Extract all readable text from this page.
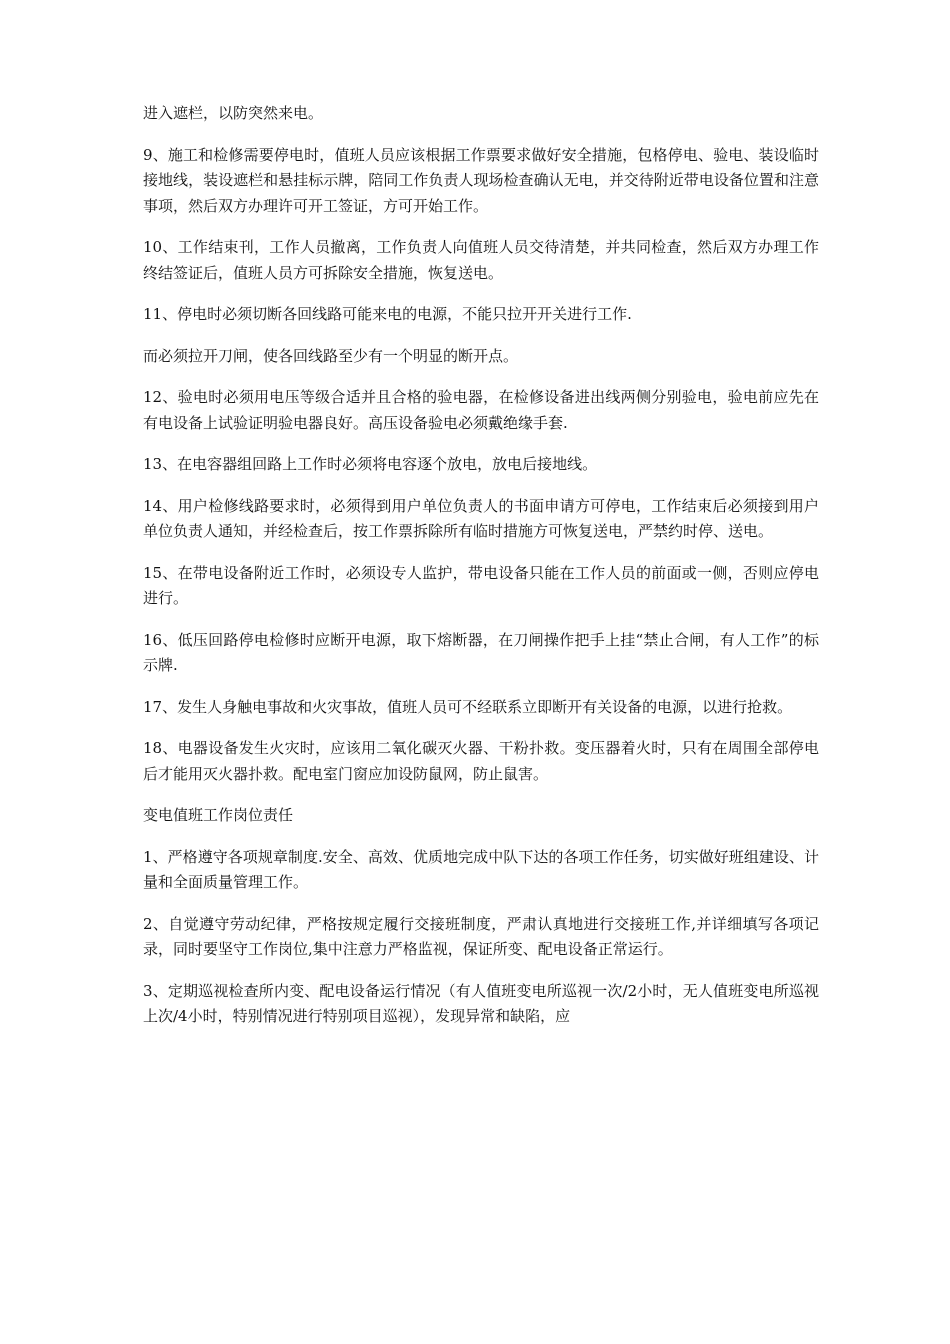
进入遮栏，以防突然来电。

9、施工和检修需要停电时，值班人员应该根据工作票要求做好安全措施，包格停电、验电、装设临时接地线，装设遮栏和悬挂标示牌，陪同工作负责人现场检查确认无电，并交待附近带电设备位置和注意事项，然后双方办理许可开工签证，方可开始工作。

10、工作结束刊，工作人员撤离，工作负责人向值班人员交待清楚，并共同检查，然后双方办理工作终结签证后，值班人员方可拆除安全措施，恢复送电。

11、停电时必须切断各回线路可能来电的电源，不能只拉开开关进行工作.

而必须拉开刀闸，使各回线路至少有一个明显的断开点。

12、验电时必须用电压等级合适并且合格的验电器，在检修设备进出线两侧分别验电，验电前应先在有电设备上试验证明验电器良好。高压设备验电必须戴绝缘手套.

13、在电容器组回路上工作时必须将电容逐个放电，放电后接地线。

14、用户检修线路要求时，必须得到用户单位负责人的书面申请方可停电，工作结束后必须接到用户单位负责人通知，并经检查后，按工作票拆除所有临时措施方可恢复送电，严禁约时停、送电。

15、在带电设备附近工作时，必须设专人监护，带电设备只能在工作人员的前面或一侧，否则应停电进行。

16、低压回路停电检修时应断开电源，取下熔断器，在刀闸操作把手上挂“禁止合闸，有人工作”的标示牌.

17、发生人身触电事故和火灾事故，值班人员可不经联系立即断开有关设备的电源，以进行抢救。

18、电器设备发生火灾时，应该用二氧化碳灭火器、干粉扑救。变压器着火时，只有在周围全部停电后才能用灭火器扑救。配电室门窗应加设防鼠网，防止鼠害。

变电值班工作岗位责任

1、严格遵守各项规章制度.安全、高效、优质地完成中队下达的各项工作任务，切实做好班组建设、计量和全面质量管理工作。

2、自觉遵守劳动纪律，严格按规定履行交接班制度，严肃认真地进行交接班工作,并详细填写各项记录，同时要坚守工作岗位,集中注意力严格监视，保证所变、配电设备正常运行。

3、定期巡视检查所内变、配电设备运行情况（有人值班变电所巡视一次/2小时，无人值班变电所巡视上次/4小时，特别情况进行特别项目巡视），发现异常和缺陷，应
